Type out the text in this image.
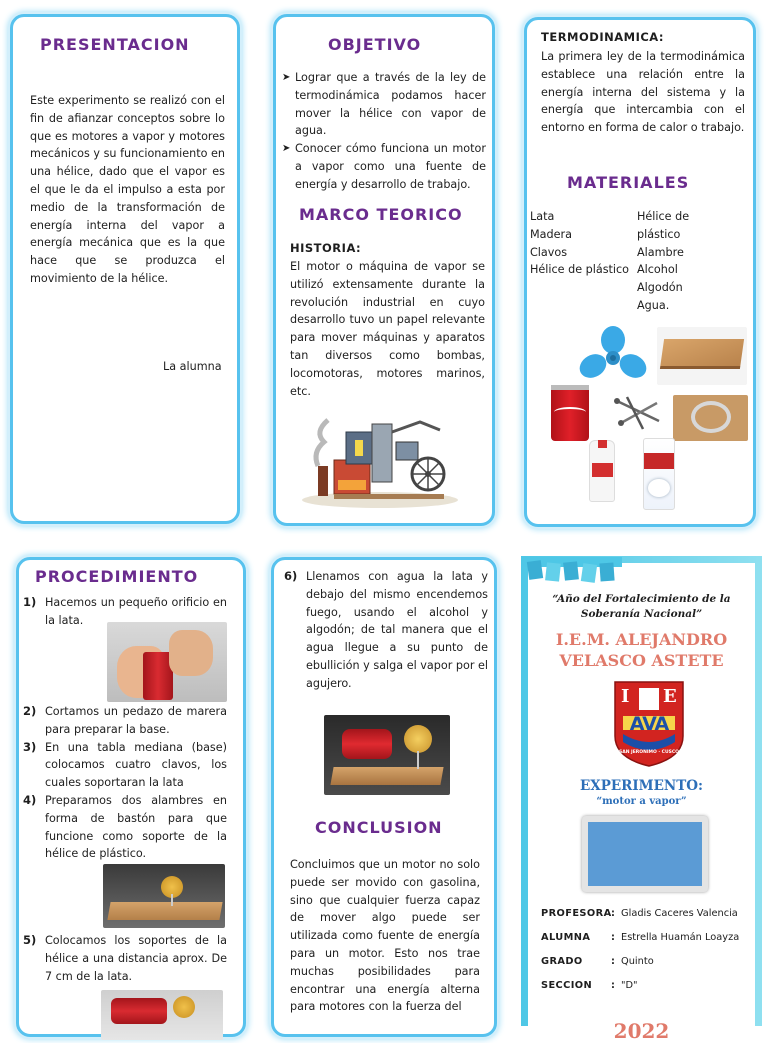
PRESENTACION
Este experimento se realizó con el fin de afianzar conceptos sobre lo que es motores a vapor y motores mecánicos y su funcionamiento en una hélice, dado que el vapor es el que le da el impulso a esta por medio de la transformación de energía interna del vapor a energía mecánica que es la que hace que se produzca el movimiento de la hélice.
La alumna
OBJETIVO
➤ Lograr que a través de la ley de termodinámica podamos hacer mover la hélice con vapor de agua.
➤ Conocer cómo funciona un motor a vapor como una fuente de energía y desarrollo de trabajo.
MARCO TEORICO
HISTORIA:
El motor o máquina de vapor se utilizó extensamente durante la revolución industrial en cuyo desarrollo tuvo un papel relevante para mover máquinas y aparatos tan diversos como bombas, locomotoras, motores marinos, etc.
TERMODINAMICA:
La primera ley de la termodinámica establece una relación entre la energía interna del sistema y la energía que intercambia con el entorno en forma de calor o trabajo.
MATERIALES
Lata
Madera
Clavos
Hélice de plástico
Hélice de plástico
Alambre
Alcohol
Algodón
Agua.
PROCEDIMIENTO
1) Hacemos un pequeño orificio en la lata.
2) Cortamos un pedazo de marera para preparar la base.
3) En una tabla mediana (base) colocamos cuatro clavos, los cuales soportaran la lata
4) Preparamos dos alambres en forma de bastón para que funcione como soporte de la hélice de plástico.
5) Colocamos los soportes de la hélice a una distancia aprox. De 7 cm de la lata.
6) Llenamos con agua la lata y debajo del mismo encendemos fuego, usando el alcohol y algodón; de tal manera que el agua llegue a su punto de ebullición y salga el vapor por el agujero.
CONCLUSION
Concluimos que un motor no solo puede ser movido con gasolina, sino que cualquier fuerza capaz de mover algo puede ser utilizada como fuente de energía para un motor. Esto nos trae muchas posibilidades para encontrar una energía alterna para motores con la fuerza del
“Año del Fortalecimiento de la Soberanía Nacional”
I.E.M. ALEJANDRO VELASCO ASTETE
I E
AVA
SAN JERONIMO · CUSCO
EXPERIMENTO:
“motor a vapor”
PROFESORA: Gladis Caceres Valencia
ALUMNA : Estrella Huamán Loayza
GRADO	: Quinto
SECCION : "D"
2022
